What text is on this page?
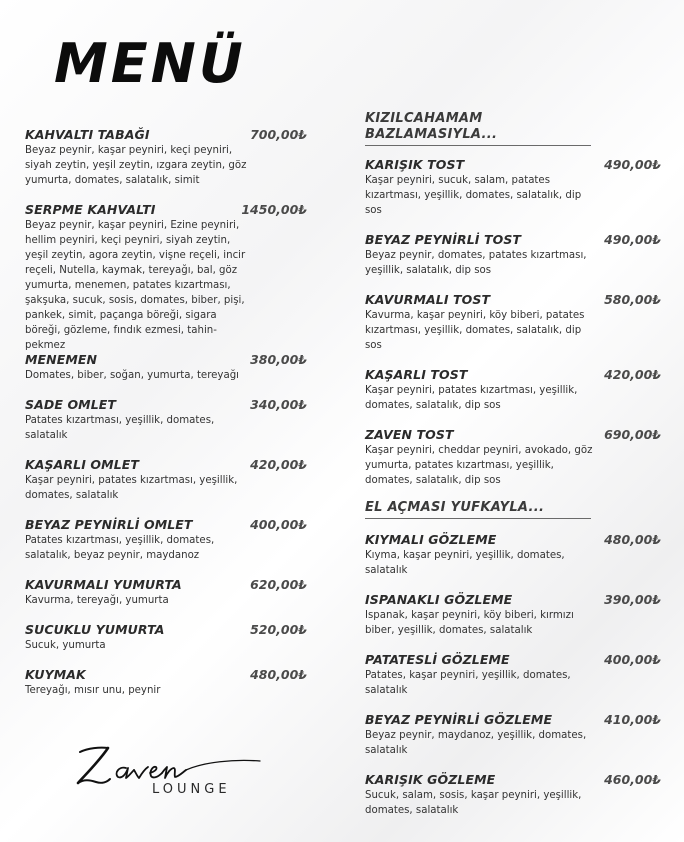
MENÜ
KAHVALTI TABAĞI	700,00₺
Beyaz peynir, kaşar peyniri, keçi peyniri, siyah zeytin, yeşil zeytin, ızgara zeytin, göz yumurta, domates, salatalık, simit
SERPME KAHVALTI	1450,00₺
Beyaz peynir, kaşar peyniri, Ezine peyniri, hellim peyniri, keçi peyniri, siyah zeytin, yeşil zeytin, agora zeytin, vişne reçeli, incir reçeli, Nutella, kaymak, tereyağı, bal, göz yumurta, menemen, patates kızartması, şakşuka, sucuk, sosis, domates, biber, pişi, pankek, simit, paçanga böreği, sigara böreği, gözleme, fındık ezmesi, tahin-pekmez
MENEMEN	380,00₺
Domates, biber, soğan, yumurta, tereyağı
SADE OMLET	340,00₺
Patates kızartması, yeşillik, domates, salatalık
KAŞARLI OMLET	420,00₺
Kaşar peyniri, patates kızartması, yeşillik, domates, salatalık
BEYAZ PEYNİRLİ OMLET	400,00₺
Patates kızartması, yeşillik, domates, salatalık, beyaz peynir, maydanoz
KAVURMALI YUMURTA	620,00₺
Kavurma, tereyağı, yumurta
SUCUKLU YUMURTA	520,00₺
Sucuk, yumurta
KUYMAK	480,00₺
Tereyağı, mısır unu, peynir
KIZILCAHAMAM BAZLAMASIYLA...
KARIŞIK TOST	490,00₺
Kaşar peyniri, sucuk, salam, patates kızartması, yeşillik, domates, salatalık, dip sos
BEYAZ PEYNİRLİ TOST	490,00₺
Beyaz peynir, domates, patates kızartması, yeşillik, salatalık, dip sos
KAVURMALI TOST	580,00₺
Kavurma, kaşar peyniri, köy biberi, patates kızartması, yeşillik, domates, salatalık, dip sos
KAŞARLI TOST	420,00₺
Kaşar peyniri, patates kızartması, yeşillik, domates, salatalık, dip sos
ZAVEN TOST	690,00₺
Kaşar peyniri, cheddar peyniri, avokado, göz yumurta, patates kızartması, yeşillik, domates, salatalık, dip sos
EL AÇMASI YUFKAYLA...
KIYMALI GÖZLEME	480,00₺
Kıyma, kaşar peyniri, yeşillik, domates, salatalık
ISPANAKLI GÖZLEME	390,00₺
Ispanak, kaşar peyniri, köy biberi, kırmızı biber, yeşillik, domates, salatalık
PATATESLİ GÖZLEME	400,00₺
Patates, kaşar peyniri, yeşillik, domates, salatalık
BEYAZ PEYNİRLİ GÖZLEME	410,00₺
Beyaz peynir, maydanoz, yeşillik, domates, salatalık
KARIŞIK GÖZLEME	460,00₺
Sucuk, salam, sosis, kaşar peyniri, yeşillik, domates, salatalık
LOUNGE
